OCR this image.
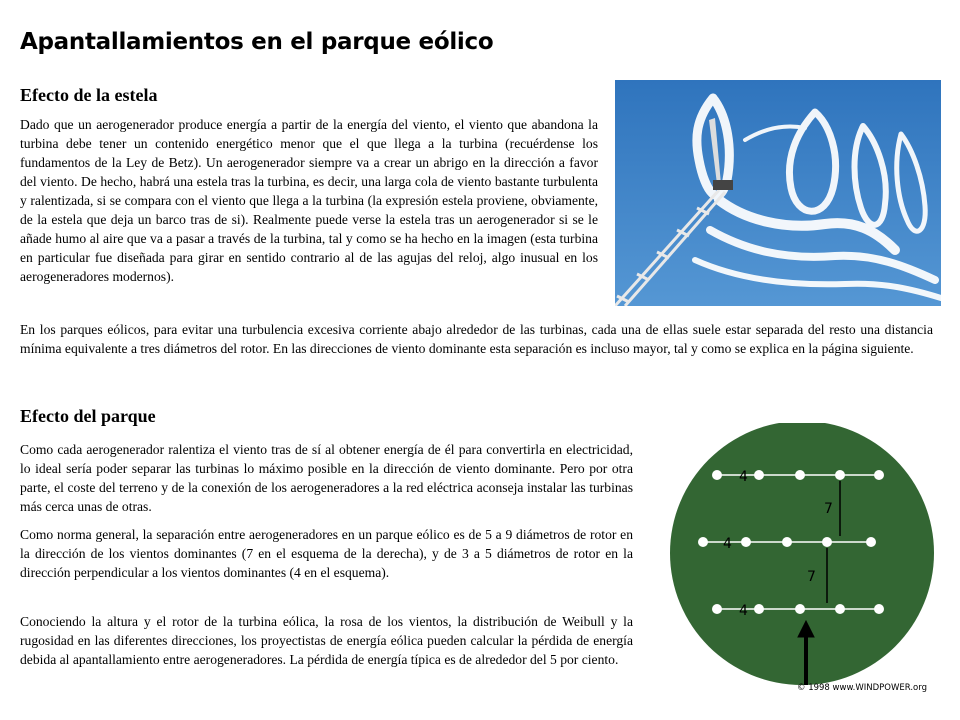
Apantallamientos en el parque eólico
Efecto de la estela

Dado que un aerogenerador produce energía a partir de la energía del viento, el viento que abandona la turbina debe tener un contenido energético menor que el que llega a la turbina (recuérdense los fundamentos de la Ley de Betz). Un aerogenerador siempre va a crear un abrigo en la dirección a favor del viento. De hecho, habrá una estela tras la turbina, es decir, una larga cola de viento bastante turbulenta y ralentizada, si se compara con el viento que llega a la turbina (la expresión estela proviene, obviamente, de la estela que deja un barco tras de si). Realmente puede verse la estela tras un aerogenerador si se le añade humo al aire que va a pasar a través de la turbina, tal y como se ha hecho en la imagen (esta turbina en particular fue diseñada para girar en sentido contrario al de las agujas del reloj, algo inusual en los aerogeneradores modernos).

En los parques eólicos, para evitar una turbulencia excesiva corriente abajo alrededor de las turbinas, cada una de ellas suele estar separada del resto una distancia mínima equivalente a tres diámetros del rotor. En las direcciones de viento dominante esta separación es incluso mayor, tal y como se explica en la página siguiente.

Efecto del parque

Como cada aerogenerador ralentiza el viento tras de sí al obtener energía de él para convertirla en electricidad, lo ideal sería poder separar las turbinas lo máximo posible en la dirección de viento dominante. Pero por otra parte, el coste del terreno y de la conexión de los aerogeneradores a la red eléctrica aconseja instalar las turbinas más cerca unas de otras.

Como norma general, la separación entre aerogeneradores en un parque eólico es de 5 a 9 diámetros de rotor en la dirección de los vientos dominantes (7 en el esquema de la derecha), y de 3 a 5 diámetros de rotor en la dirección perpendicular a los vientos dominantes (4 en el esquema).

Conociendo la altura y el rotor de la turbina eólica, la rosa de los vientos, la distribución de Weibull y la rugosidad en las diferentes direcciones, los proyectistas de energía eólica pueden calcular la pérdida de energía debida al apantallamiento entre aerogeneradores. La pérdida de energía típica es de alrededor del 5 por ciento.

4
4
4
7
7
© 1998 www.WINDPOWER.org
